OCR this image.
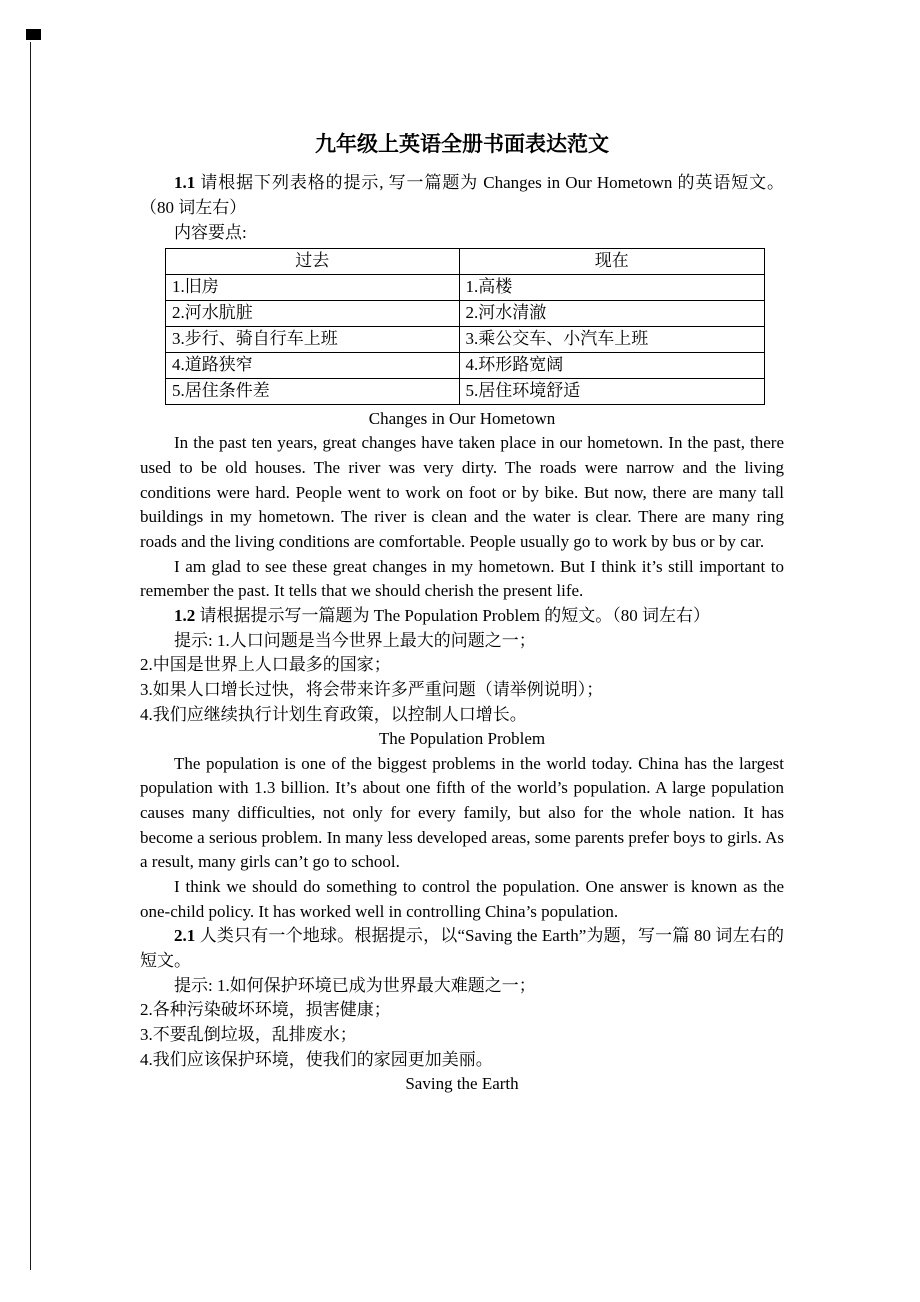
九年级上英语全册书面表达范文

1.1 请根据下列表格的提示, 写一篇题为 Changes in Our Hometown 的英语短文。（80 词左右）

内容要点:

过去	现在
1.旧房	1.高楼
2.河水肮脏	2.河水清澈
3.步行、骑自行车上班	3.乘公交车、小汽车上班
4.道路狭窄	4.环形路宽阔
5.居住条件差	5.居住环境舒适

Changes in Our Hometown

In the past ten years, great changes have taken place in our hometown. In the past, there used to be old houses. The river was very dirty. The roads were narrow and the living conditions were hard. People went to work on foot or by bike. But now, there are many tall buildings in my hometown. The river is clean and the water is clear. There are many ring roads and the living conditions are comfortable. People usually go to work by bus or by car.

I am glad to see these great changes in my hometown. But I think it’s still important to remember the past. It tells that we should cherish the present life.

1.2 请根据提示写一篇题为 The Population Problem 的短文。（80 词左右）

提示: 1.人口问题是当今世界上最大的问题之一；

2.中国是世界上人口最多的国家；

3.如果人口增长过快，将会带来许多严重问题（请举例说明）；

4.我们应继续执行计划生育政策，以控制人口增长。

The Population Problem

The population is one of the biggest problems in the world today. China has the largest population with 1.3 billion. It’s about one fifth of the world’s population. A large population causes many difficulties, not only for every family, but also for the whole nation. It has become a serious problem. In many less developed areas, some parents prefer boys to girls. As a result, many girls can’t go to school.

I think we should do something to control the population. One answer is known as the one-child policy. It has worked well in controlling China’s population.

2.1 人类只有一个地球。根据提示，以“Saving the Earth”为题，写一篇 80 词左右的短文。

提示: 1.如何保护环境已成为世界最大难题之一；

2.各种污染破坏环境，损害健康；

3.不要乱倒垃圾，乱排废水；

4.我们应该保护环境，使我们的家园更加美丽。

Saving the Earth
